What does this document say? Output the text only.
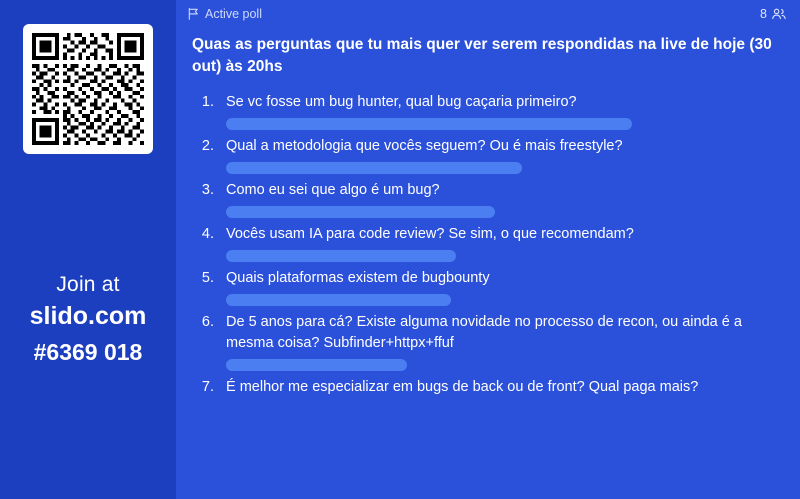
Join at
slido.com
#6369 018
Active poll	8
Quas as perguntas que tu mais quer ver serem respondidas na live de hoje (30 out) às 20hs
1. Se vc fosse um bug hunter, qual bug caçaria primeiro?
2. Qual a metodologia que vocês seguem? Ou é mais freestyle?
3. Como eu sei que algo é um bug?
4. Vocês usam IA para code review? Se sim, o que recomendam?
5. Quais plataformas existem de bugbounty
6. De 5 anos para cá? Existe alguma novidade no processo de recon, ou ainda é a mesma coisa? Subfinder+httpx+ffuf
7. É melhor me especializar em bugs de back ou de front? Qual paga mais?
